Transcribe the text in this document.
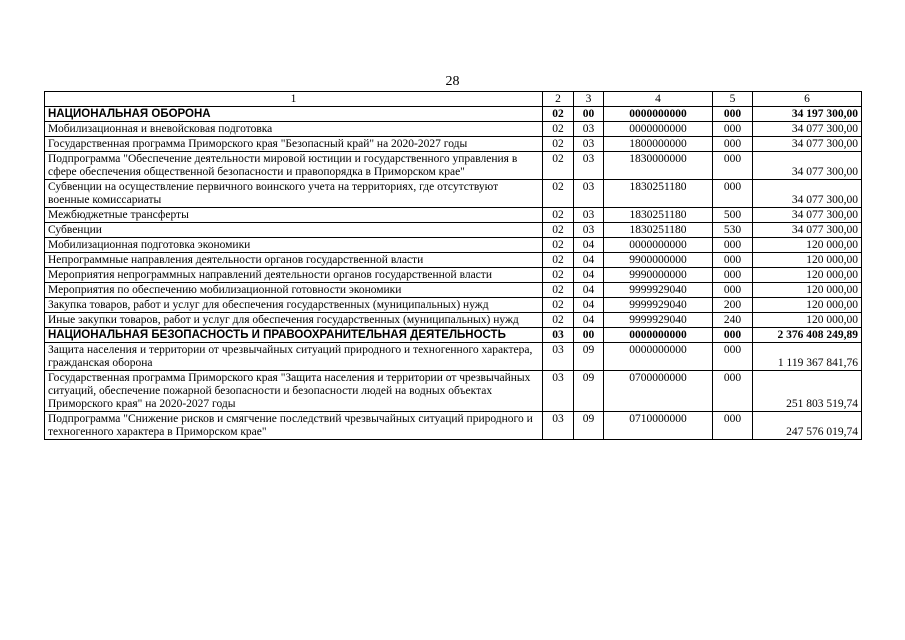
28
1	2	3	4	5	6
НАЦИОНАЛЬНАЯ ОБОРОНА	02	00	0000000000	000	34 197 300,00
Мобилизационная и вневойсковая подготовка	02	03	0000000000	000	34 077 300,00
Государственная программа Приморского края "Безопасный край" на 2020-2027 годы	02	03	1800000000	000	34 077 300,00
Подпрограмма "Обеспечение деятельности мировой юстиции и государственного управления в сфере обеспечения общественной безопасности и правопорядка в Приморском крае"	02	03	1830000000	000	34 077 300,00
Субвенции на осуществление первичного воинского учета на территориях, где отсутствуют военные комиссариаты	02	03	1830251180	000	34 077 300,00
Межбюджетные трансферты	02	03	1830251180	500	34 077 300,00
Субвенции	02	03	1830251180	530	34 077 300,00
Мобилизационная подготовка экономики	02	04	0000000000	000	120 000,00
Непрограммные направления деятельности органов государственной власти	02	04	9900000000	000	120 000,00
Мероприятия непрограммных направлений деятельности органов государственной власти	02	04	9990000000	000	120 000,00
Мероприятия по обеспечению мобилизационной готовности экономики	02	04	9999929040	000	120 000,00
Закупка товаров, работ и услуг для обеспечения государственных (муниципальных) нужд	02	04	9999929040	200	120 000,00
Иные закупки товаров, работ и услуг для обеспечения государственных (муниципальных) нужд	02	04	9999929040	240	120 000,00
НАЦИОНАЛЬНАЯ БЕЗОПАСНОСТЬ И ПРАВООХРАНИТЕЛЬНАЯ ДЕЯТЕЛЬНОСТЬ	03	00	0000000000	000	2 376 408 249,89
Защита населения и территории от чрезвычайных ситуаций природного и техногенного характера, гражданская оборона	03	09	0000000000	000	1 119 367 841,76
Государственная программа Приморского края "Защита населения и территории от чрезвычайных ситуаций, обеспечение пожарной безопасности и безопасности людей на водных объектах Приморского края" на 2020-2027 годы	03	09	0700000000	000	251 803 519,74
Подпрограмма "Снижение рисков и смягчение последствий чрезвычайных ситуаций природного и техногенного характера в Приморском крае"	03	09	0710000000	000	247 576 019,74
